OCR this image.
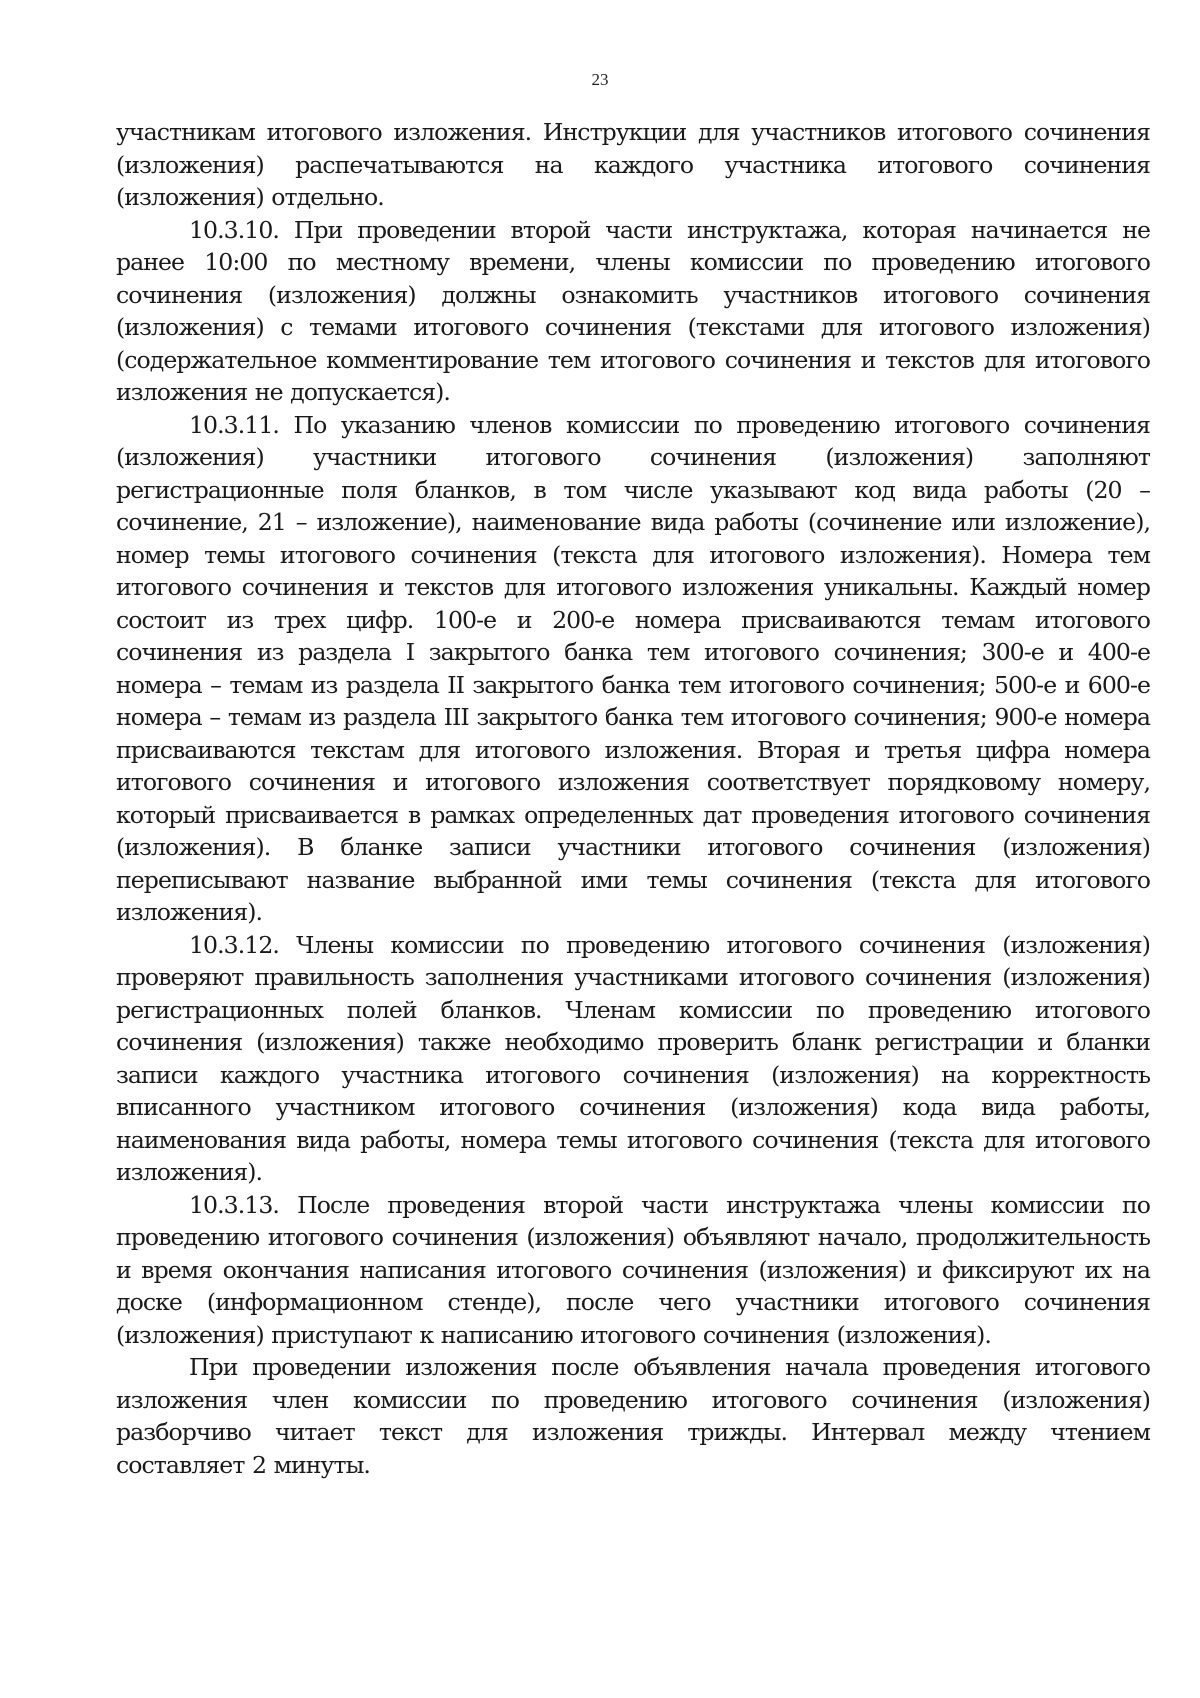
23

участникам итогового изложения. Инструкции для участников итогового сочинения (изложения) распечатываются на каждого участника итогового сочинения (изложения) отдельно.

10.3.10. При проведении второй части инструктажа, которая начинается не ранее 10:00 по местному времени, члены комиссии по проведению итогового сочинения (изложения) должны ознакомить участников итогового сочинения (изложения) с темами итогового сочинения (текстами для итогового изложения) (содержательное комментирование тем итогового сочинения и текстов для итогового изложения не допускается).

10.3.11. По указанию членов комиссии по проведению итогового сочинения (изложения) участники итогового сочинения (изложения) заполняют регистрационные поля бланков, в том числе указывают код вида работы (20 – сочинение, 21 – изложение), наименование вида работы (сочинение или изложение), номер темы итогового сочинения (текста для итогового изложения). Номера тем итогового сочинения и текстов для итогового изложения уникальны. Каждый номер состоит из трех цифр. 100-е и 200-е номера присваиваются темам итогового сочинения из раздела I закрытого банка тем итогового сочинения; 300-е и 400-е номера – темам из раздела II закрытого банка тем итогового сочинения; 500-е и 600-е номера – темам из раздела III закрытого банка тем итогового сочинения; 900-е номера присваиваются текстам для итогового изложения. Вторая и третья цифра номера итогового сочинения и итогового изложения соответствует порядковому номеру, который присваивается в рамках определенных дат проведения итогового сочинения (изложения). В бланке записи участники итогового сочинения (изложения) переписывают название выбранной ими темы сочинения (текста для итогового изложения).

10.3.12. Члены комиссии по проведению итогового сочинения (изложения) проверяют правильность заполнения участниками итогового сочинения (изложения) регистрационных полей бланков. Членам комиссии по проведению итогового сочинения (изложения) также необходимо проверить бланк регистрации и бланки записи каждого участника итогового сочинения (изложения) на корректность вписанного участником итогового сочинения (изложения) кода вида работы, наименования вида работы, номера темы итогового сочинения (текста для итогового изложения).

10.3.13. После проведения второй части инструктажа члены комиссии по проведению итогового сочинения (изложения) объявляют начало, продолжительность и время окончания написания итогового сочинения (изложения) и фиксируют их на доске (информационном стенде), после чего участники итогового сочинения (изложения) приступают к написанию итогового сочинения (изложения).

При проведении изложения после объявления начала проведения итогового изложения член комиссии по проведению итогового сочинения (изложения) разборчиво читает текст для изложения трижды. Интервал между чтением составляет 2 минуты.
